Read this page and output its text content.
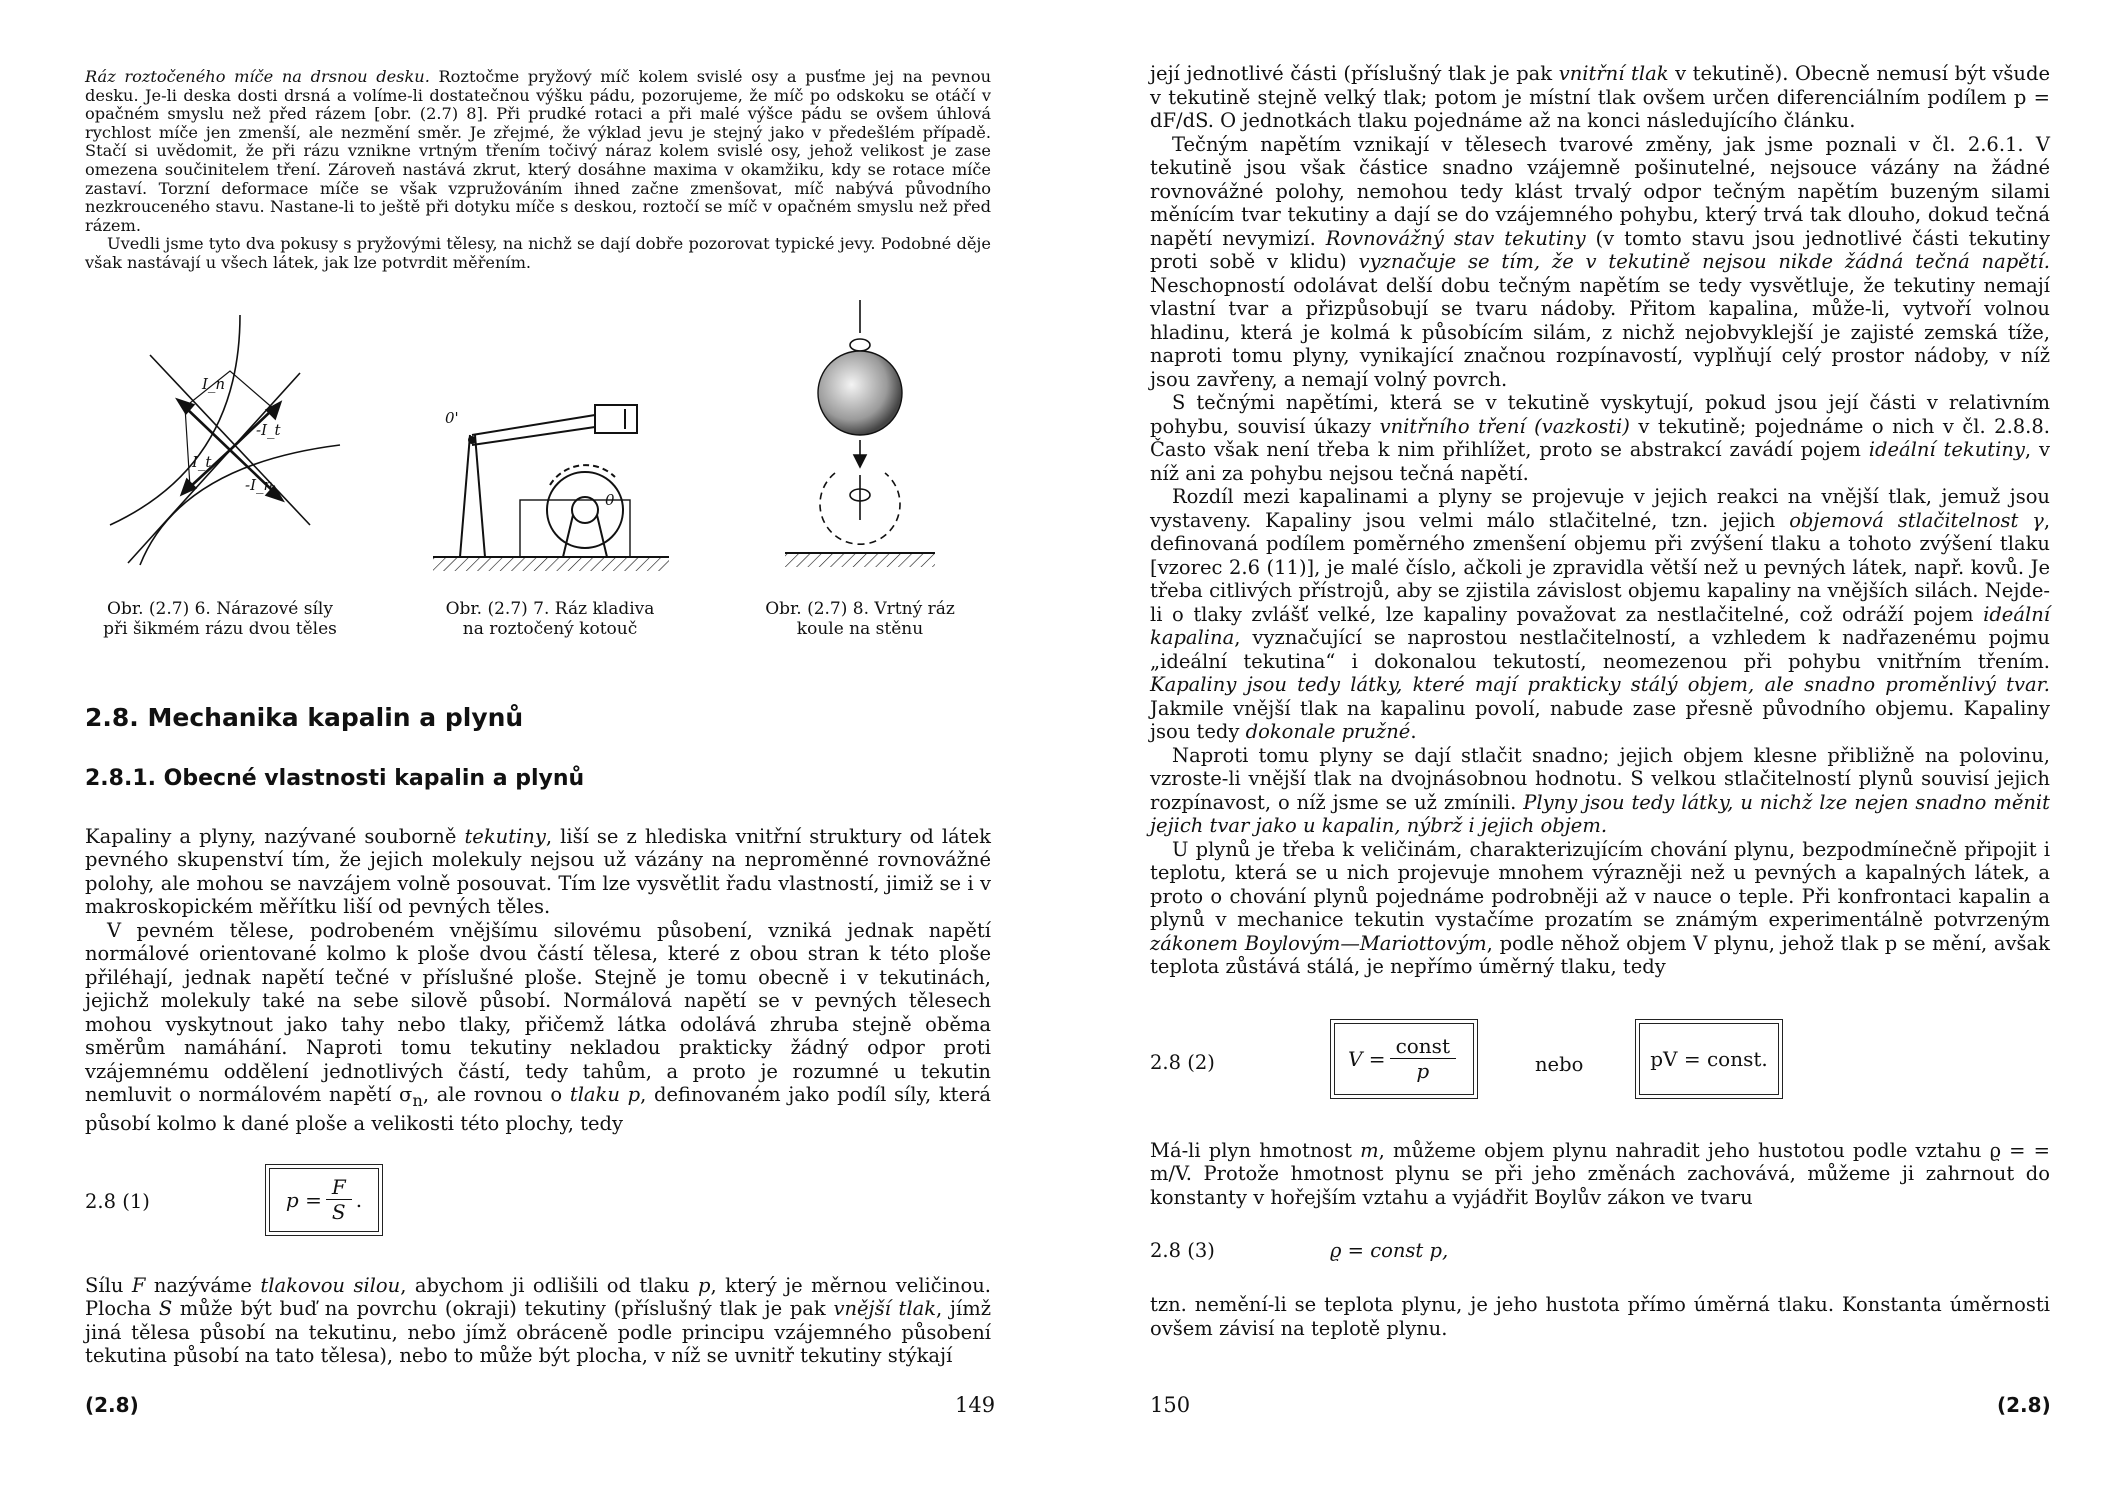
Ráz roztočeného míče na drsnou desku. Roztočme pryžový míč kolem svislé osy a pusťme jej na pevnou desku. Je-li deska dosti drsná a volíme-li dostatečnou výšku pádu, pozorujeme, že míč po odskoku se otáčí v opačném smyslu než před rázem [obr. (2.7) 8]. Při prudké rotaci a při malé výšce pádu se ovšem úhlová rychlost míče jen zmenší, ale nezmění směr. Je zřejmé, že výklad jevu je stejný jako v předešlém případě. Stačí si uvědomit, že při rázu vznikne vrtným třením točivý náraz kolem svislé osy, jehož velikost je zase omezena součinitelem tření. Zároveň nastává zkrut, který dosáhne maxima v okamžiku, kdy se rotace míče zastaví. Torzní deformace míče se však vzpružováním ihned začne zmenšovat, míč nabývá původního nezkrouceného stavu. Nastane-li to ještě při dotyku míče s deskou, roztočí se míč v opačném smyslu než před rázem.

Uvedli jsme tyto dva pokusy s pryžovými tělesy, na nichž se dají dobře pozorovat typické jevy. Podobné děje však nastávají u všech látek, jak lze potvrdit měřením.

I_n
-I_t
I_t
-I_n
Obr. (2.7) 6. Nárazové síly
při šikmém rázu dvou těles
0'
0
Obr. (2.7) 7. Ráz kladiva
na roztočený kotouč
Obr. (2.7) 8. Vrtný ráz
koule na stěnu
2.8. Mechanika kapalin a plynů
2.8.1. Obecné vlastnosti kapalin a plynů

Kapaliny a plyny, nazývané souborně tekutiny, liší se z hlediska vnitřní struktury od látek pevného skupenství tím, že jejich molekuly nejsou už vázány na neproměnné rovnovážné polohy, ale mohou se navzájem volně posouvat. Tím lze vysvětlit řadu vlastností, jimiž se i v makroskopickém měřítku liší od pevných těles.

V pevném tělese, podrobeném vnějšímu silovému působení, vzniká jednak napětí normálové orientované kolmo k ploše dvou částí tělesa, které z obou stran k této ploše přiléhají, jednak napětí tečné v příslušné ploše. Stejně je tomu obecně i v tekutinách, jejichž molekuly také na sebe silově působí. Normálová napětí se v pevných tělesech mohou vyskytnout jako tahy nebo tlaky, přičemž látka odolává zhruba stejně oběma směrům namáhání. Naproti tomu tekutiny nekladou prakticky žádný odpor proti vzájemnému oddělení jednotlivých částí, tedy tahům, a proto je rozumné u tekutin nemluvit o normálovém napětí $\sigma_n$, ale rovnou o tlaku p, definovaném jako podíl síly, která působí kolmo k dané ploše a velikosti této plochy, tedy

2.8 (1)	$p = \frac{F}{S}$ .

Sílu F nazýváme tlakovou silou, abychom ji odlišili od tlaku p, který je měrnou veličinou. Plocha S může být buď na povrchu (okraji) tekutiny (příslušný tlak je pak vnější tlak, jímž jiná tělesa působí na tekutinu, nebo jímž obráceně podle principu vzájemného působení tekutina působí na tato tělesa), nebo to může být plocha, v níž se uvnitř tekutiny stýkají

(2.8)	149

její jednotlivé části (příslušný tlak je pak vnitřní tlak v tekutině). Obecně nemusí být všude v tekutině stejně velký tlak; potom je místní tlak ovšem určen diferenciálním podílem p = dF/dS. O jednotkách tlaku pojednáme až na konci následujícího článku.

Tečným napětím vznikají v tělesech tvarové změny, jak jsme poznali v čl. 2.6.1. V tekutině jsou však částice snadno vzájemně pošinutelné, nejsouce vázány na žádné rovnovážné polohy, nemohou tedy klást trvalý odpor tečným napětím buzeným silami měnícím tvar tekutiny a dají se do vzájemného pohybu, který trvá tak dlouho, dokud tečná napětí nevymizí. Rovnovážný stav tekutiny (v tomto stavu jsou jednotlivé části tekutiny proti sobě v klidu) vyznačuje se tím, že v tekutině nejsou nikde žádná tečná napětí. Neschopností odolávat delší dobu tečným napětím se tedy vysvětluje, že tekutiny nemají vlastní tvar a přizpůsobují se tvaru nádoby. Přitom kapalina, může-li, vytvoří volnou hladinu, která je kolmá k působícím silám, z nichž nejobvyklejší je zajisté zemská tíže, naproti tomu plyny, vynikající značnou rozpínavostí, vyplňují celý prostor nádoby, v níž jsou zavřeny, a nemají volný povrch.

S tečnými napětími, která se v tekutině vyskytují, pokud jsou její části v relativním pohybu, souvisí úkazy vnitřního tření (vazkosti) v tekutině; pojednáme o nich v čl. 2.8.8. Často však není třeba k nim přihlížet, proto se abstrakcí zavádí pojem ideální tekutiny, v níž ani za pohybu nejsou tečná napětí.

Rozdíl mezi kapalinami a plyny se projevuje v jejich reakci na vnější tlak, jemuž jsou vystaveny. Kapaliny jsou velmi málo stlačitelné, tzn. jejich objemová stlačitelnost γ, definovaná podílem poměrného zmenšení objemu při zvýšení tlaku a tohoto zvýšení tlaku [vzorec 2.6 (11)], je malé číslo, ačkoli je zpravidla větší než u pevných látek, např. kovů. Je třeba citlivých přístrojů, aby se zjistila závislost objemu kapaliny na vnějších silách. Nejde-li o tlaky zvlášť velké, lze kapaliny považovat za nestlačitelné, což odráží pojem ideální kapalina, vyznačující se naprostou nestlačitelností, a vzhledem k nadřazenému pojmu „ideální tekutina“ i dokonalou tekutostí, neomezenou při pohybu vnitřním třením. Kapaliny jsou tedy látky, které mají prakticky stálý objem, ale snadno proměnlivý tvar. Jakmile vnější tlak na kapalinu povolí, nabude zase přesně původního objemu. Kapaliny jsou tedy dokonale pružné.

Naproti tomu plyny se dají stlačit snadno; jejich objem klesne přibližně na polovinu, vzroste-li vnější tlak na dvojnásobnou hodnotu. S velkou stlačitelností plynů souvisí jejich rozpínavost, o níž jsme se už zmínili. Plyny jsou tedy látky, u nichž lze nejen snadno měnit jejich tvar jako u kapalin, nýbrž i jejich objem.

U plynů je třeba k veličinám, charakterizujícím chování plynu, bezpodmínečně připojit i teplotu, která se u nich projevuje mnohem výrazněji než u pevných a kapalných látek, a proto o chování plynů pojednáme podrobněji až v nauce o teple. Při konfrontaci kapalin a plynů v mechanice tekutin vystačíme prozatím se známým experimentálně potvrzeným zákonem Boylovým—Mariottovým, podle něhož objem V plynu, jehož tlak p se mění, avšak teplota zůstává stálá, je nepřímo úměrný tlaku, tedy

2.8 (2)	$V = \frac{\text{const}}{p}$	nebo	pV = const.

Má-li plyn hmotnost m, můžeme objem plynu nahradit jeho hustotou podle vztahu ϱ = = m/V. Protože hmotnost plynu se při jeho změnách zachovává, můžeme ji zahrnout do konstanty v hořejším vztahu a vyjádřit Boylův zákon ve tvaru

2.8 (3)	ϱ = const p,

tzn. nemění-li se teplota plynu, je jeho hustota přímo úměrná tlaku. Konstanta úměrnosti ovšem závisí na teplotě plynu.

150	(2.8)
